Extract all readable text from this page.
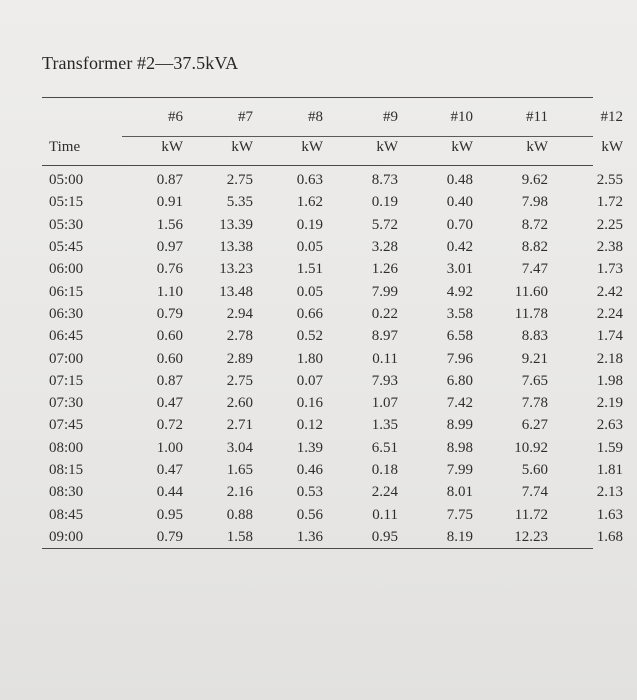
Transformer #2—37.5kVA
	#6	#7	#8	#9	#10	#11	#12
Time	kW	kW	kW	kW	kW	kW	kW
05:00	0.87	2.75	0.63	8.73	0.48	9.62	2.55
05:15	0.91	5.35	1.62	0.19	0.40	7.98	1.72
05:30	1.56	13.39	0.19	5.72	0.70	8.72	2.25
05:45	0.97	13.38	0.05	3.28	0.42	8.82	2.38
06:00	0.76	13.23	1.51	1.26	3.01	7.47	1.73
06:15	1.10	13.48	0.05	7.99	4.92	11.60	2.42
06:30	0.79	2.94	0.66	0.22	3.58	11.78	2.24
06:45	0.60	2.78	0.52	8.97	6.58	8.83	1.74
07:00	0.60	2.89	1.80	0.11	7.96	9.21	2.18
07:15	0.87	2.75	0.07	7.93	6.80	7.65	1.98
07:30	0.47	2.60	0.16	1.07	7.42	7.78	2.19
07:45	0.72	2.71	0.12	1.35	8.99	6.27	2.63
08:00	1.00	3.04	1.39	6.51	8.98	10.92	1.59
08:15	0.47	1.65	0.46	0.18	7.99	5.60	1.81
08:30	0.44	2.16	0.53	2.24	8.01	7.74	2.13
08:45	0.95	0.88	0.56	0.11	7.75	11.72	1.63
09:00	0.79	1.58	1.36	0.95	8.19	12.23	1.68
